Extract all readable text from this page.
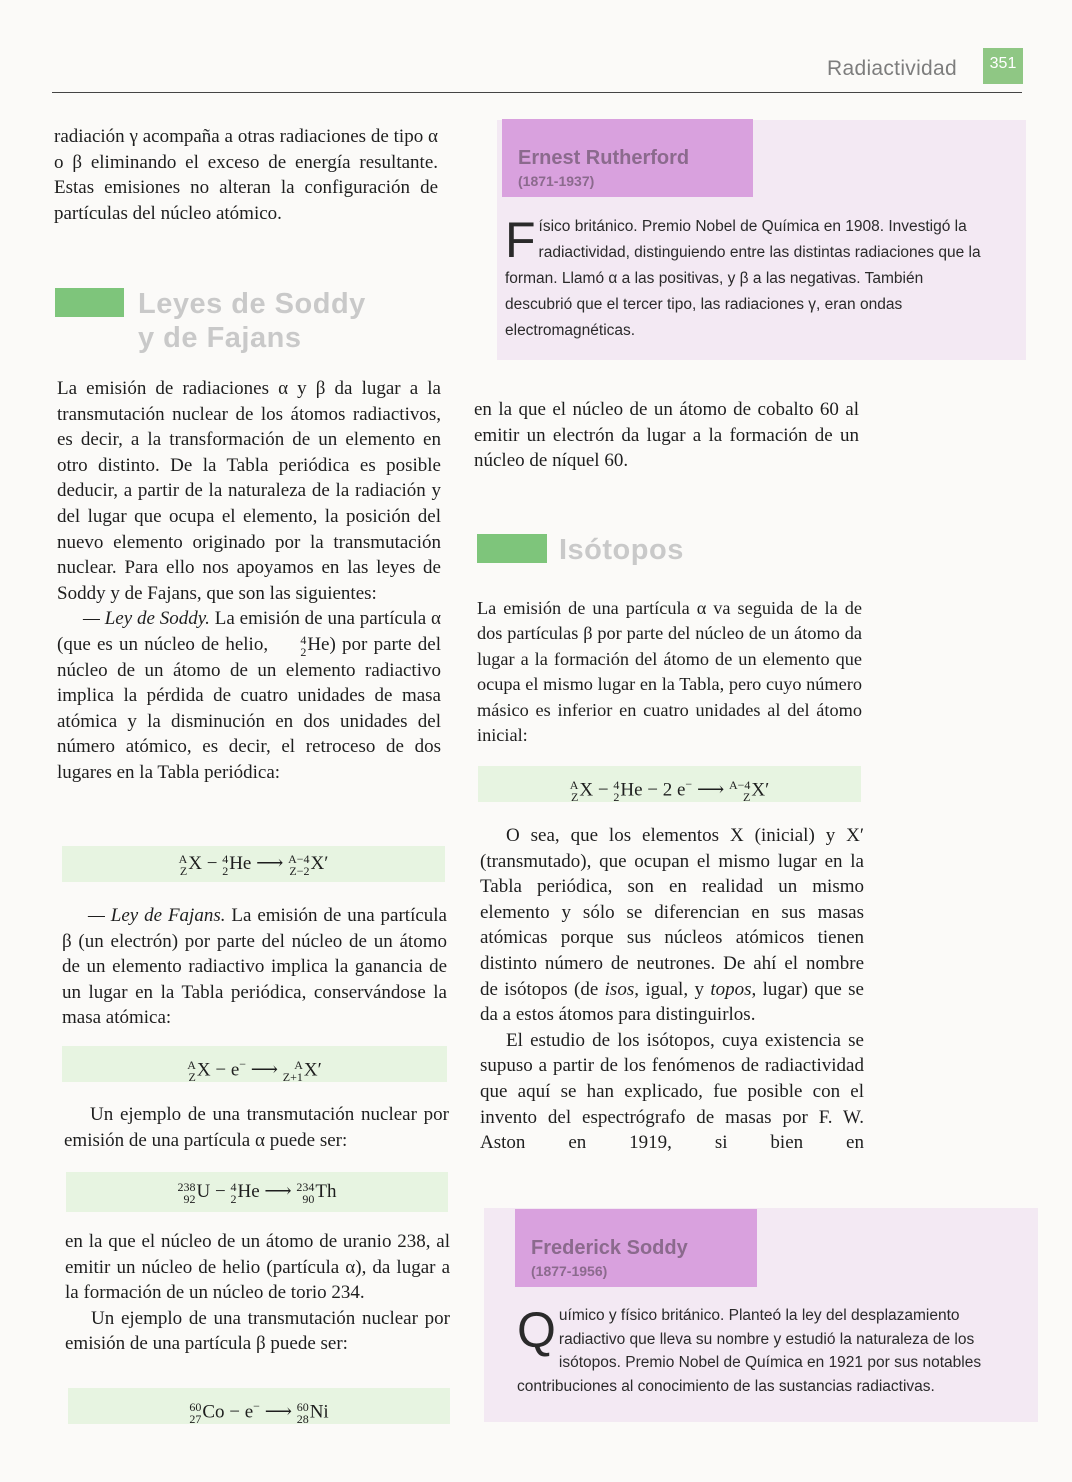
Radiactividad	351

radiación γ acompaña a otras radiaciones de tipo α o β eliminando el exceso de energía resultante. Estas emisiones no alteran la configuración de partículas del núcleo atómico.

Leyes de Soddy
y de Fajans

La emisión de radiaciones α y β da lugar a la transmutación nuclear de los átomos radiactivos, es decir, a la transformación de un elemento en otro distinto. De la Tabla periódica es posible deducir, a partir de la naturaleza de la radiación y del lugar que ocupa el elemento, la posición del nuevo elemento originado por la transmutación nuclear. Para ello nos apoyamos en las leyes de Soddy y de Fajans, que son las siguientes:

— Ley de Soddy. La emisión de una partícula α (que es un núcleo de helio,	4
2 He) por parte del núcleo de un átomo de un elemento radiactivo implica la pérdida de cuatro unidades de masa atómica y la disminución en dos unidades del número atómico, es decir, el retroceso de dos lugares en la Tabla periódica:

A
Z X − 4
2 He ⟶ A−4
Z−2 X′

— Ley de Fajans. La emisión de una partícula β (un electrón) por parte del núcleo de un átomo de un elemento radiactivo implica la ganancia de un lugar en la Tabla periódica, conservándose la masa atómica:

A
Z X − e− ⟶	A
Z+1 X′

Un ejemplo de una transmutación nuclear por emisión de una partícula α puede ser:

238
92 U − 4
2 He ⟶ 234
90 Th

en la que el núcleo de un átomo de uranio 238, al emitir un núcleo de helio (partícula α), da lugar a la formación de un núcleo de torio 234.

Un ejemplo de una transmutación nuclear por emisión de una partícula β puede ser:

60
27 Co − e− ⟶ 60
28 Ni
Ernest Rutherford
(1871-1937)
Físico británico. Premio Nobel de Química en 1908. Investigó la radiactividad, distinguiendo entre las distintas radiaciones que la forman. Llamó α a las positivas, y β a las negativas. También descubrió que el tercer tipo, las radiaciones γ, eran ondas electromagnéticas.

en la que el núcleo de un átomo de cobalto 60 al emitir un electrón da lugar a la formación de un núcleo de níquel 60.

Isótopos

La emisión de una partícula α va seguida de la de dos partículas β por parte del núcleo de un átomo da lugar a la formación del átomo de un elemento que ocupa el mismo lugar en la Tabla, pero cuyo número másico es inferior en cuatro unidades al del átomo inicial:

A
Z X − 4
2 He − 2 e− ⟶ A−4
Z X′

O sea, que los elementos X (inicial) y X′ (transmutado), que ocupan el mismo lugar en la Tabla periódica, son en realidad un mismo elemento y sólo se diferencian en sus masas atómicas porque sus núcleos atómicos tienen distinto número de neutrones. De ahí el nombre de isótopos (de isos, igual, y topos, lugar) que se da a estos átomos para distinguirlos.

El estudio de los isótopos, cuya existencia se supuso a partir de los fenómenos de radiactividad que aquí se han explicado, fue posible con el invento del espectrógrafo de masas por F. W. Aston en 1919, si bien en

Frederick Soddy
(1877-1956)
Químico y físico británico. Planteó la ley del desplazamiento radiactivo que lleva su nombre y estudió la naturaleza de los isótopos. Premio Nobel de Química en 1921 por sus notables contribuciones al conocimiento de las sustancias radiactivas.
